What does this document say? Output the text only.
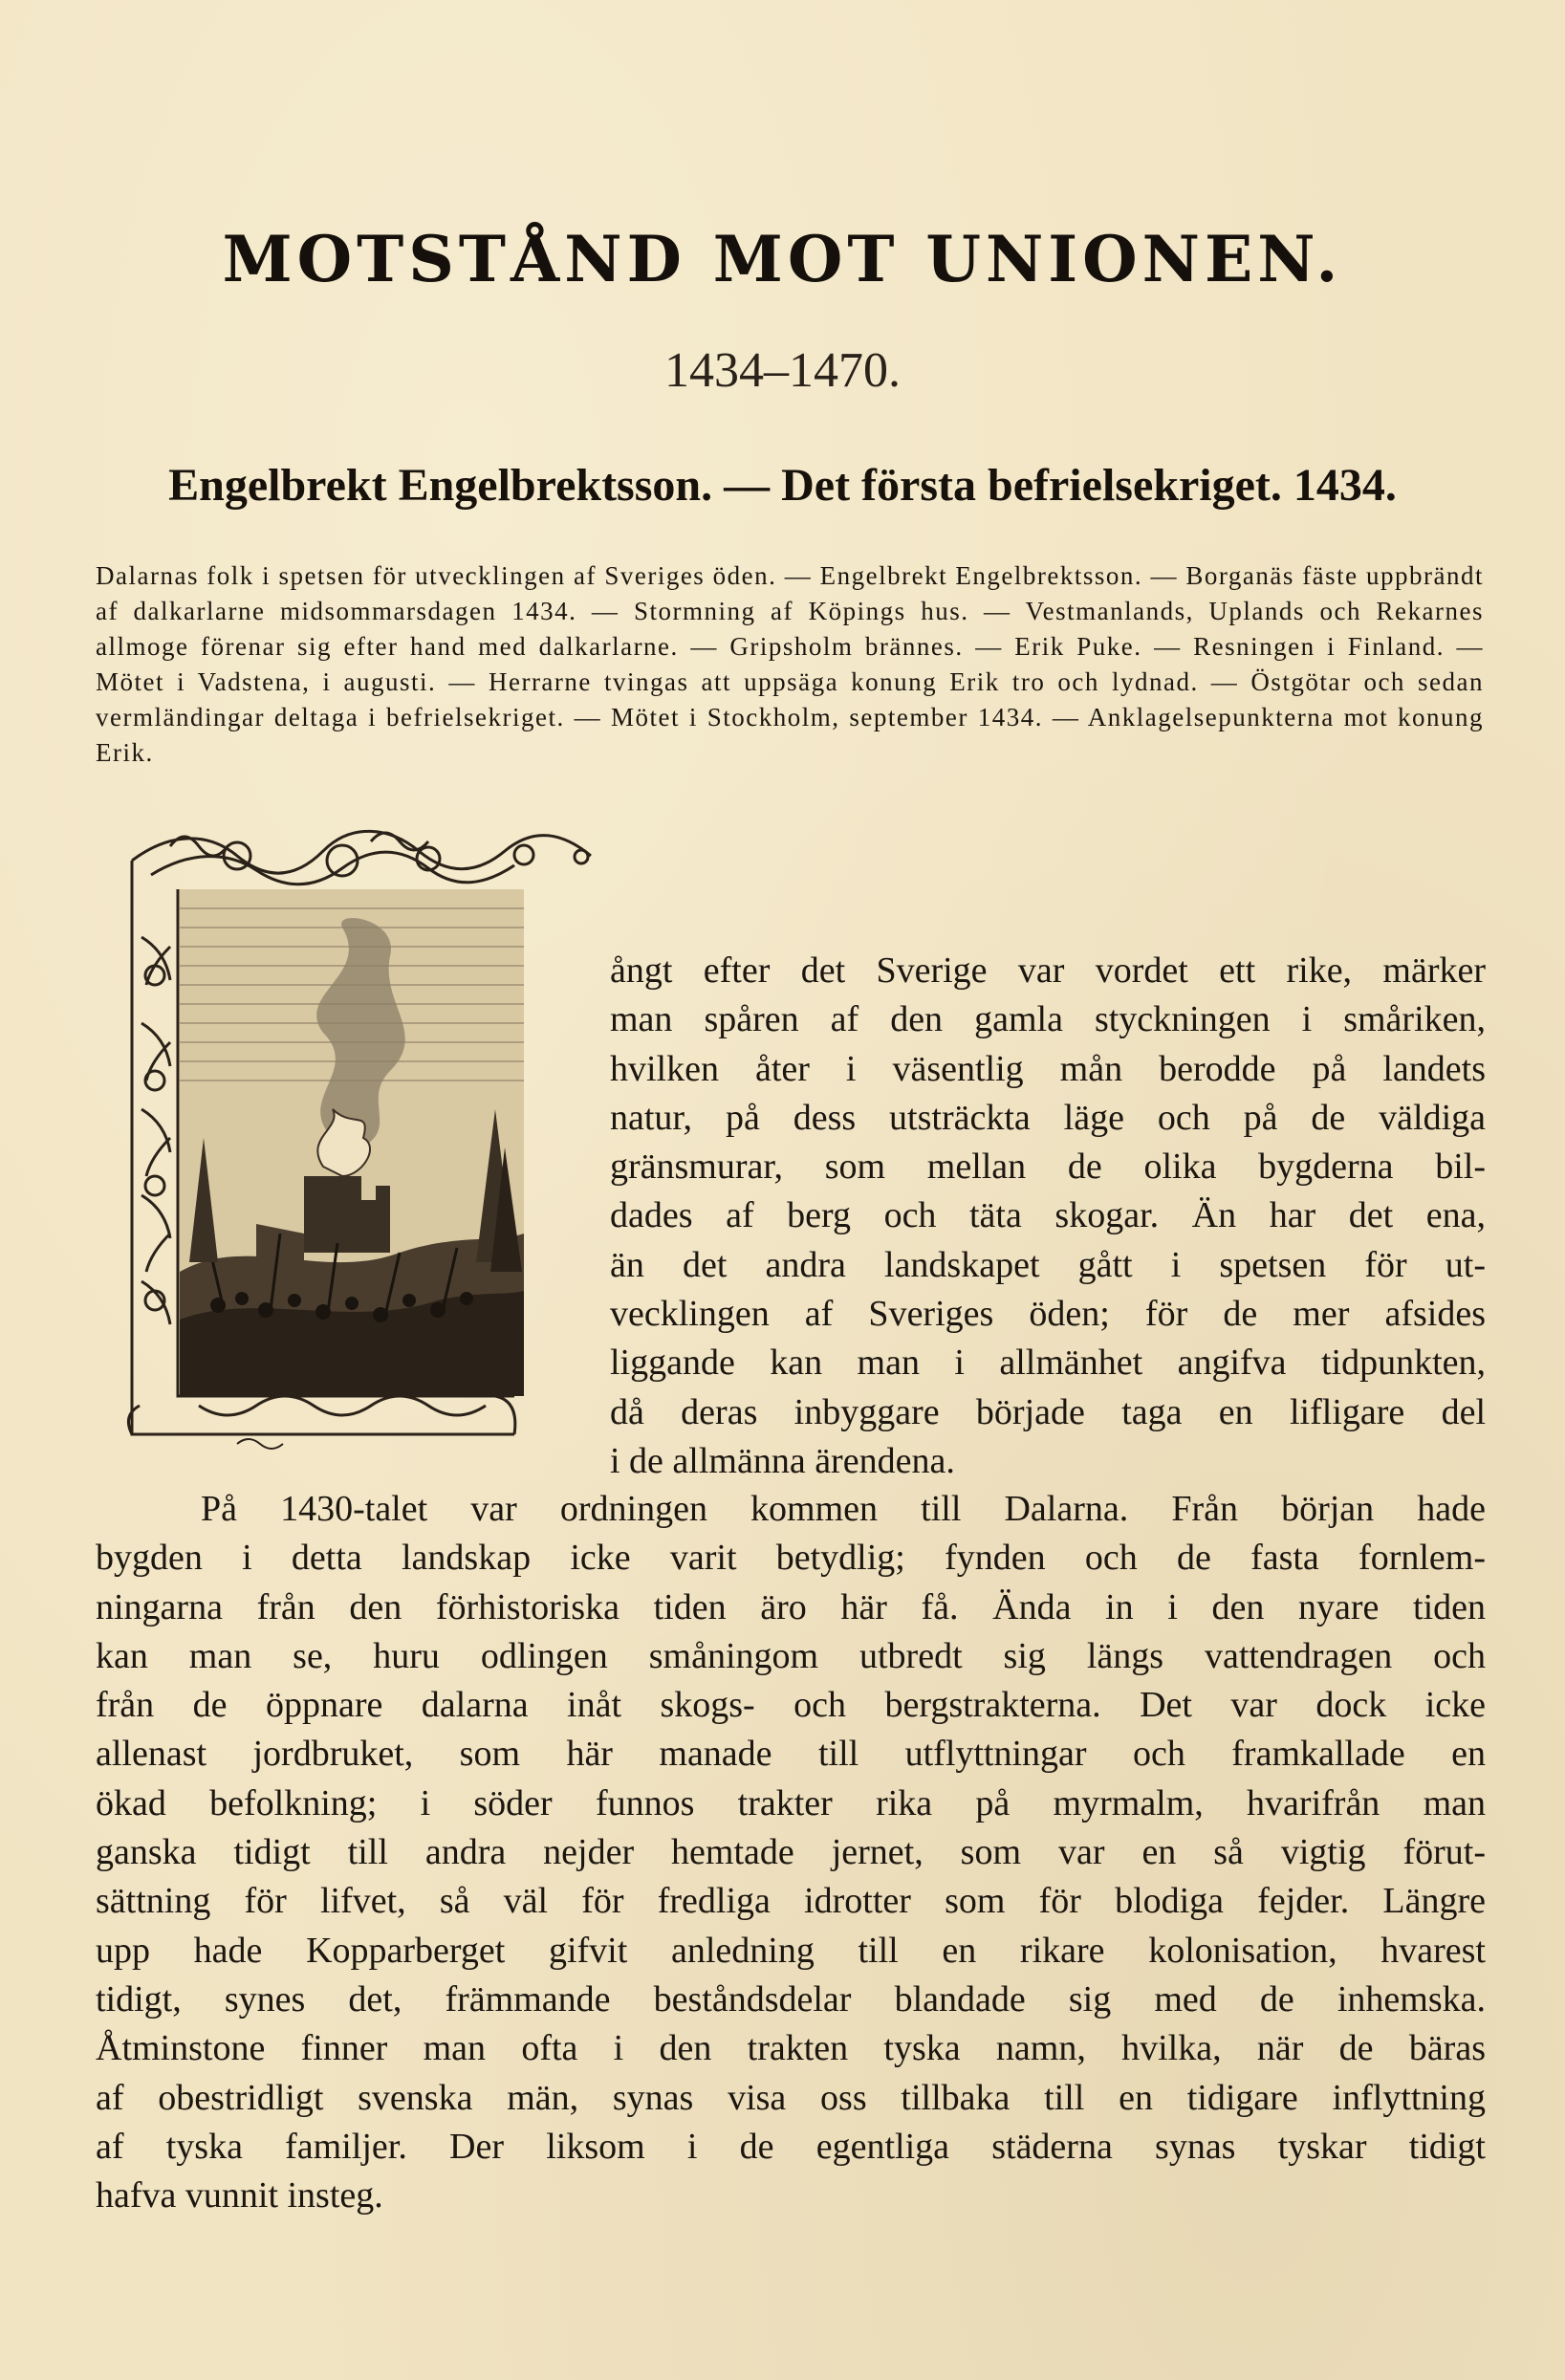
MOTSTÅND MOT UNIONEN.
1434–1470.
Engelbrekt Engelbrektsson. — Det första befrielsekriget. 1434.
Dalarnas folk i spetsen för utvecklingen af Sveriges öden. — Engelbrekt Engelbrektsson. — Borganäs fäste uppbrändt af dalkarlarne midsommarsdagen 1434. — Stormning af Köpings hus. — Vestmanlands, Uplands och Rekarnes allmoge förenar sig efter hand med dalkarlarne. — Gripsholm brännes. — Erik Puke. — Resningen i Finland. — Mötet i Vadstena, i augusti. — Herrarne tvingas att uppsäga konung Erik tro och lydnad. — Östgötar och sedan vermländingar deltaga i befrielsekriget. — Mötet i Stockholm, september 1434. — Anklagelsepunkterna mot konung Erik.
ångt efter det Sverige var vordet ett rike, märker
man spåren af den gamla styckningen i småriken,
hvilken åter i väsentlig mån berodde på landets
natur, på dess utsträckta läge och på de väldiga
gränsmurar, som mellan de olika bygderna bil-
dades af berg och täta skogar. Än har det ena,
än det andra landskapet gått i spetsen för ut-
vecklingen af Sveriges öden; för de mer afsides
liggande kan man i allmänhet angifva tidpunkten,
då deras inbyggare började taga en lifligare del
i de allmänna ärendena.
På 1430-talet var ordningen kommen till Dalarna. Från början hade
bygden i detta landskap icke varit betydlig; fynden och de fasta fornlem-
ningarna från den förhistoriska tiden äro här få. Ända in i den nyare tiden
kan man se, huru odlingen småningom utbredt sig längs vattendragen och
från de öppnare dalarna inåt skogs- och bergstrakterna. Det var dock icke
allenast jordbruket, som här manade till utflyttningar och framkallade en
ökad befolkning; i söder funnos trakter rika på myrmalm, hvarifrån man
ganska tidigt till andra nejder hemtade jernet, som var en så vigtig förut-
sättning för lifvet, så väl för fredliga idrotter som för blodiga fejder. Längre
upp hade Kopparberget gifvit anledning till en rikare kolonisation, hvarest
tidigt, synes det, främmande beståndsdelar blandade sig med de inhemska.
Åtminstone finner man ofta i den trakten tyska namn, hvilka, när de bäras
af obestridligt svenska män, synas visa oss tillbaka till en tidigare inflyttning
af tyska familjer. Der liksom i de egentliga städerna synas tyskar tidigt
hafva vunnit insteg.
